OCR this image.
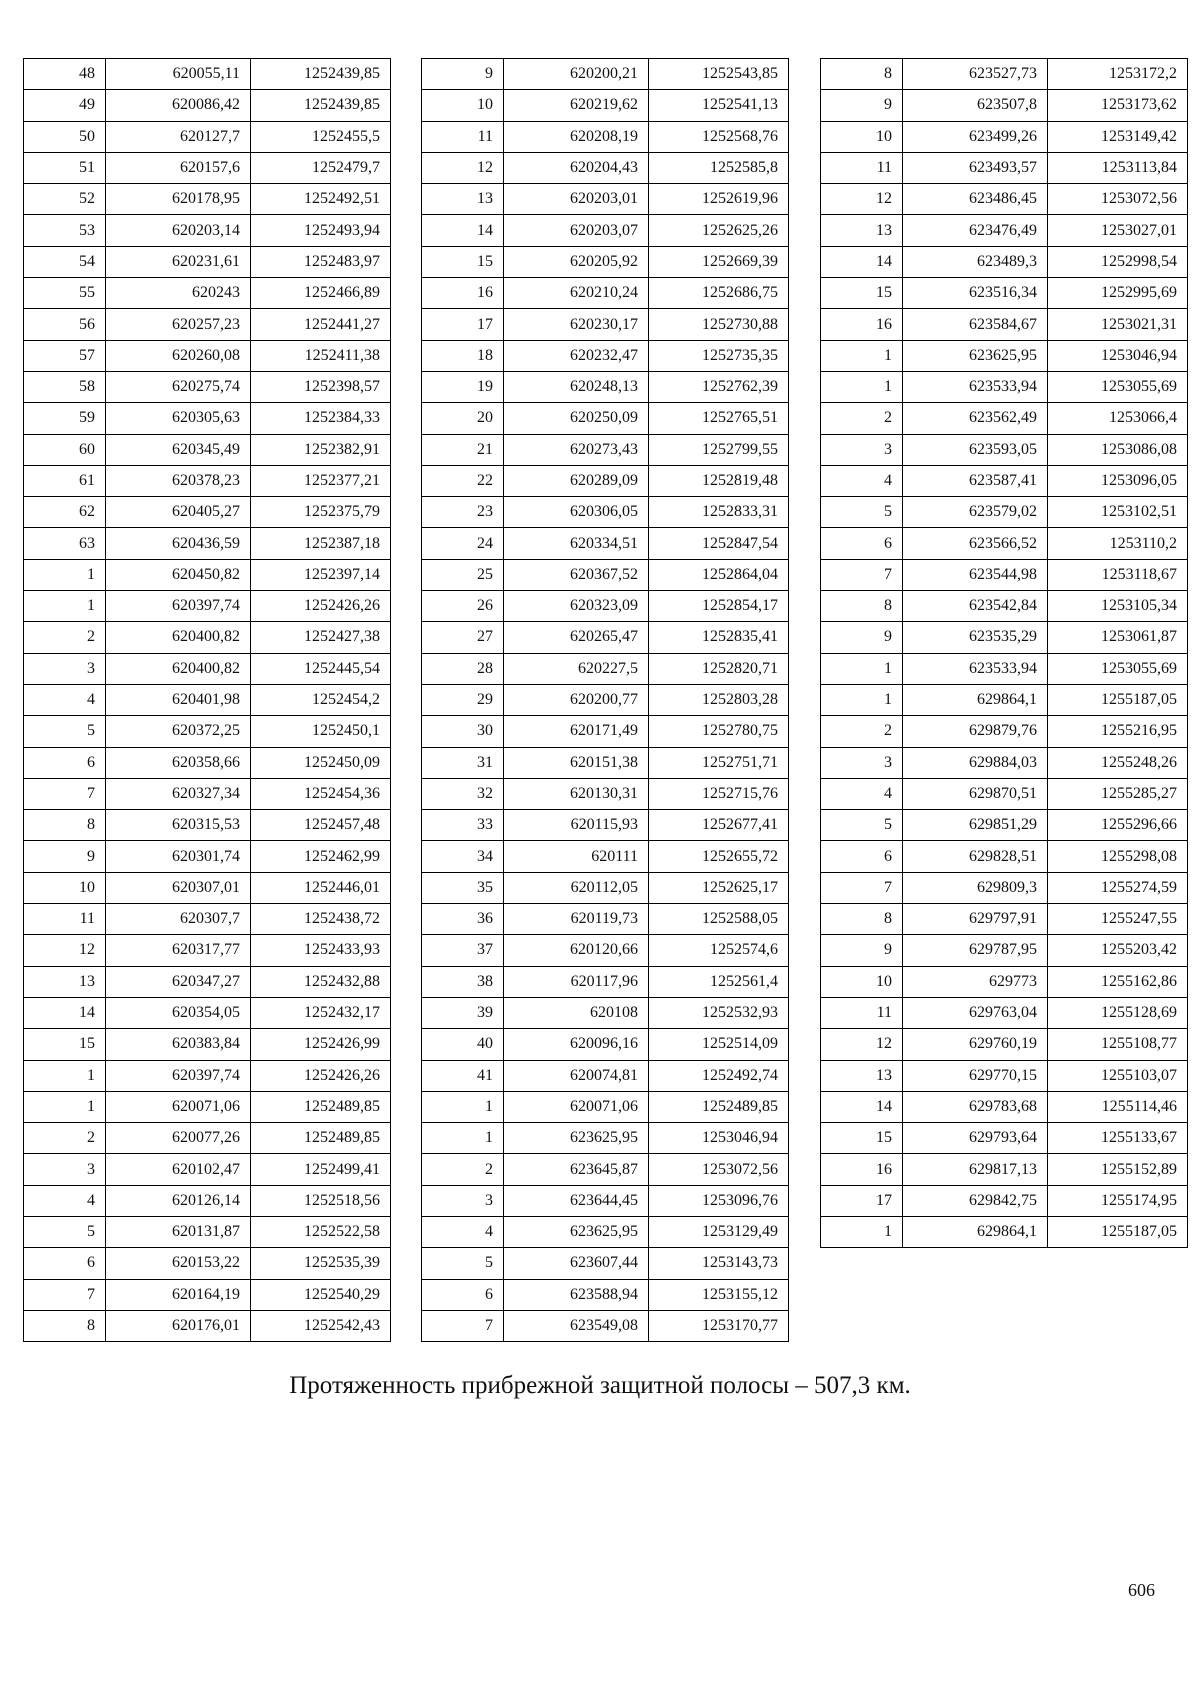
48	620055,11	1252439,85
49	620086,42	1252439,85
50	620127,7	1252455,5
51	620157,6	1252479,7
52	620178,95	1252492,51
53	620203,14	1252493,94
54	620231,61	1252483,97
55	620243	1252466,89
56	620257,23	1252441,27
57	620260,08	1252411,38
58	620275,74	1252398,57
59	620305,63	1252384,33
60	620345,49	1252382,91
61	620378,23	1252377,21
62	620405,27	1252375,79
63	620436,59	1252387,18
1	620450,82	1252397,14
1	620397,74	1252426,26
2	620400,82	1252427,38
3	620400,82	1252445,54
4	620401,98	1252454,2
5	620372,25	1252450,1
6	620358,66	1252450,09
7	620327,34	1252454,36
8	620315,53	1252457,48
9	620301,74	1252462,99
10	620307,01	1252446,01
11	620307,7	1252438,72
12	620317,77	1252433,93
13	620347,27	1252432,88
14	620354,05	1252432,17
15	620383,84	1252426,99
1	620397,74	1252426,26
1	620071,06	1252489,85
2	620077,26	1252489,85
3	620102,47	1252499,41
4	620126,14	1252518,56
5	620131,87	1252522,58
6	620153,22	1252535,39
7	620164,19	1252540,29
8	620176,01	1252542,43
9	620200,21	1252543,85
10	620219,62	1252541,13
11	620208,19	1252568,76
12	620204,43	1252585,8
13	620203,01	1252619,96
14	620203,07	1252625,26
15	620205,92	1252669,39
16	620210,24	1252686,75
17	620230,17	1252730,88
18	620232,47	1252735,35
19	620248,13	1252762,39
20	620250,09	1252765,51
21	620273,43	1252799,55
22	620289,09	1252819,48
23	620306,05	1252833,31
24	620334,51	1252847,54
25	620367,52	1252864,04
26	620323,09	1252854,17
27	620265,47	1252835,41
28	620227,5	1252820,71
29	620200,77	1252803,28
30	620171,49	1252780,75
31	620151,38	1252751,71
32	620130,31	1252715,76
33	620115,93	1252677,41
34	620111	1252655,72
35	620112,05	1252625,17
36	620119,73	1252588,05
37	620120,66	1252574,6
38	620117,96	1252561,4
39	620108	1252532,93
40	620096,16	1252514,09
41	620074,81	1252492,74
1	620071,06	1252489,85
1	623625,95	1253046,94
2	623645,87	1253072,56
3	623644,45	1253096,76
4	623625,95	1253129,49
5	623607,44	1253143,73
6	623588,94	1253155,12
7	623549,08	1253170,77
8	623527,73	1253172,2
9	623507,8	1253173,62
10	623499,26	1253149,42
11	623493,57	1253113,84
12	623486,45	1253072,56
13	623476,49	1253027,01
14	623489,3	1252998,54
15	623516,34	1252995,69
16	623584,67	1253021,31
1	623625,95	1253046,94
1	623533,94	1253055,69
2	623562,49	1253066,4
3	623593,05	1253086,08
4	623587,41	1253096,05
5	623579,02	1253102,51
6	623566,52	1253110,2
7	623544,98	1253118,67
8	623542,84	1253105,34
9	623535,29	1253061,87
1	623533,94	1253055,69
1	629864,1	1255187,05
2	629879,76	1255216,95
3	629884,03	1255248,26
4	629870,51	1255285,27
5	629851,29	1255296,66
6	629828,51	1255298,08
7	629809,3	1255274,59
8	629797,91	1255247,55
9	629787,95	1255203,42
10	629773	1255162,86
11	629763,04	1255128,69
12	629760,19	1255108,77
13	629770,15	1255103,07
14	629783,68	1255114,46
15	629793,64	1255133,67
16	629817,13	1255152,89
17	629842,75	1255174,95
1	629864,1	1255187,05
Протяженность прибрежной защитной полосы – 507,3 км.
606
